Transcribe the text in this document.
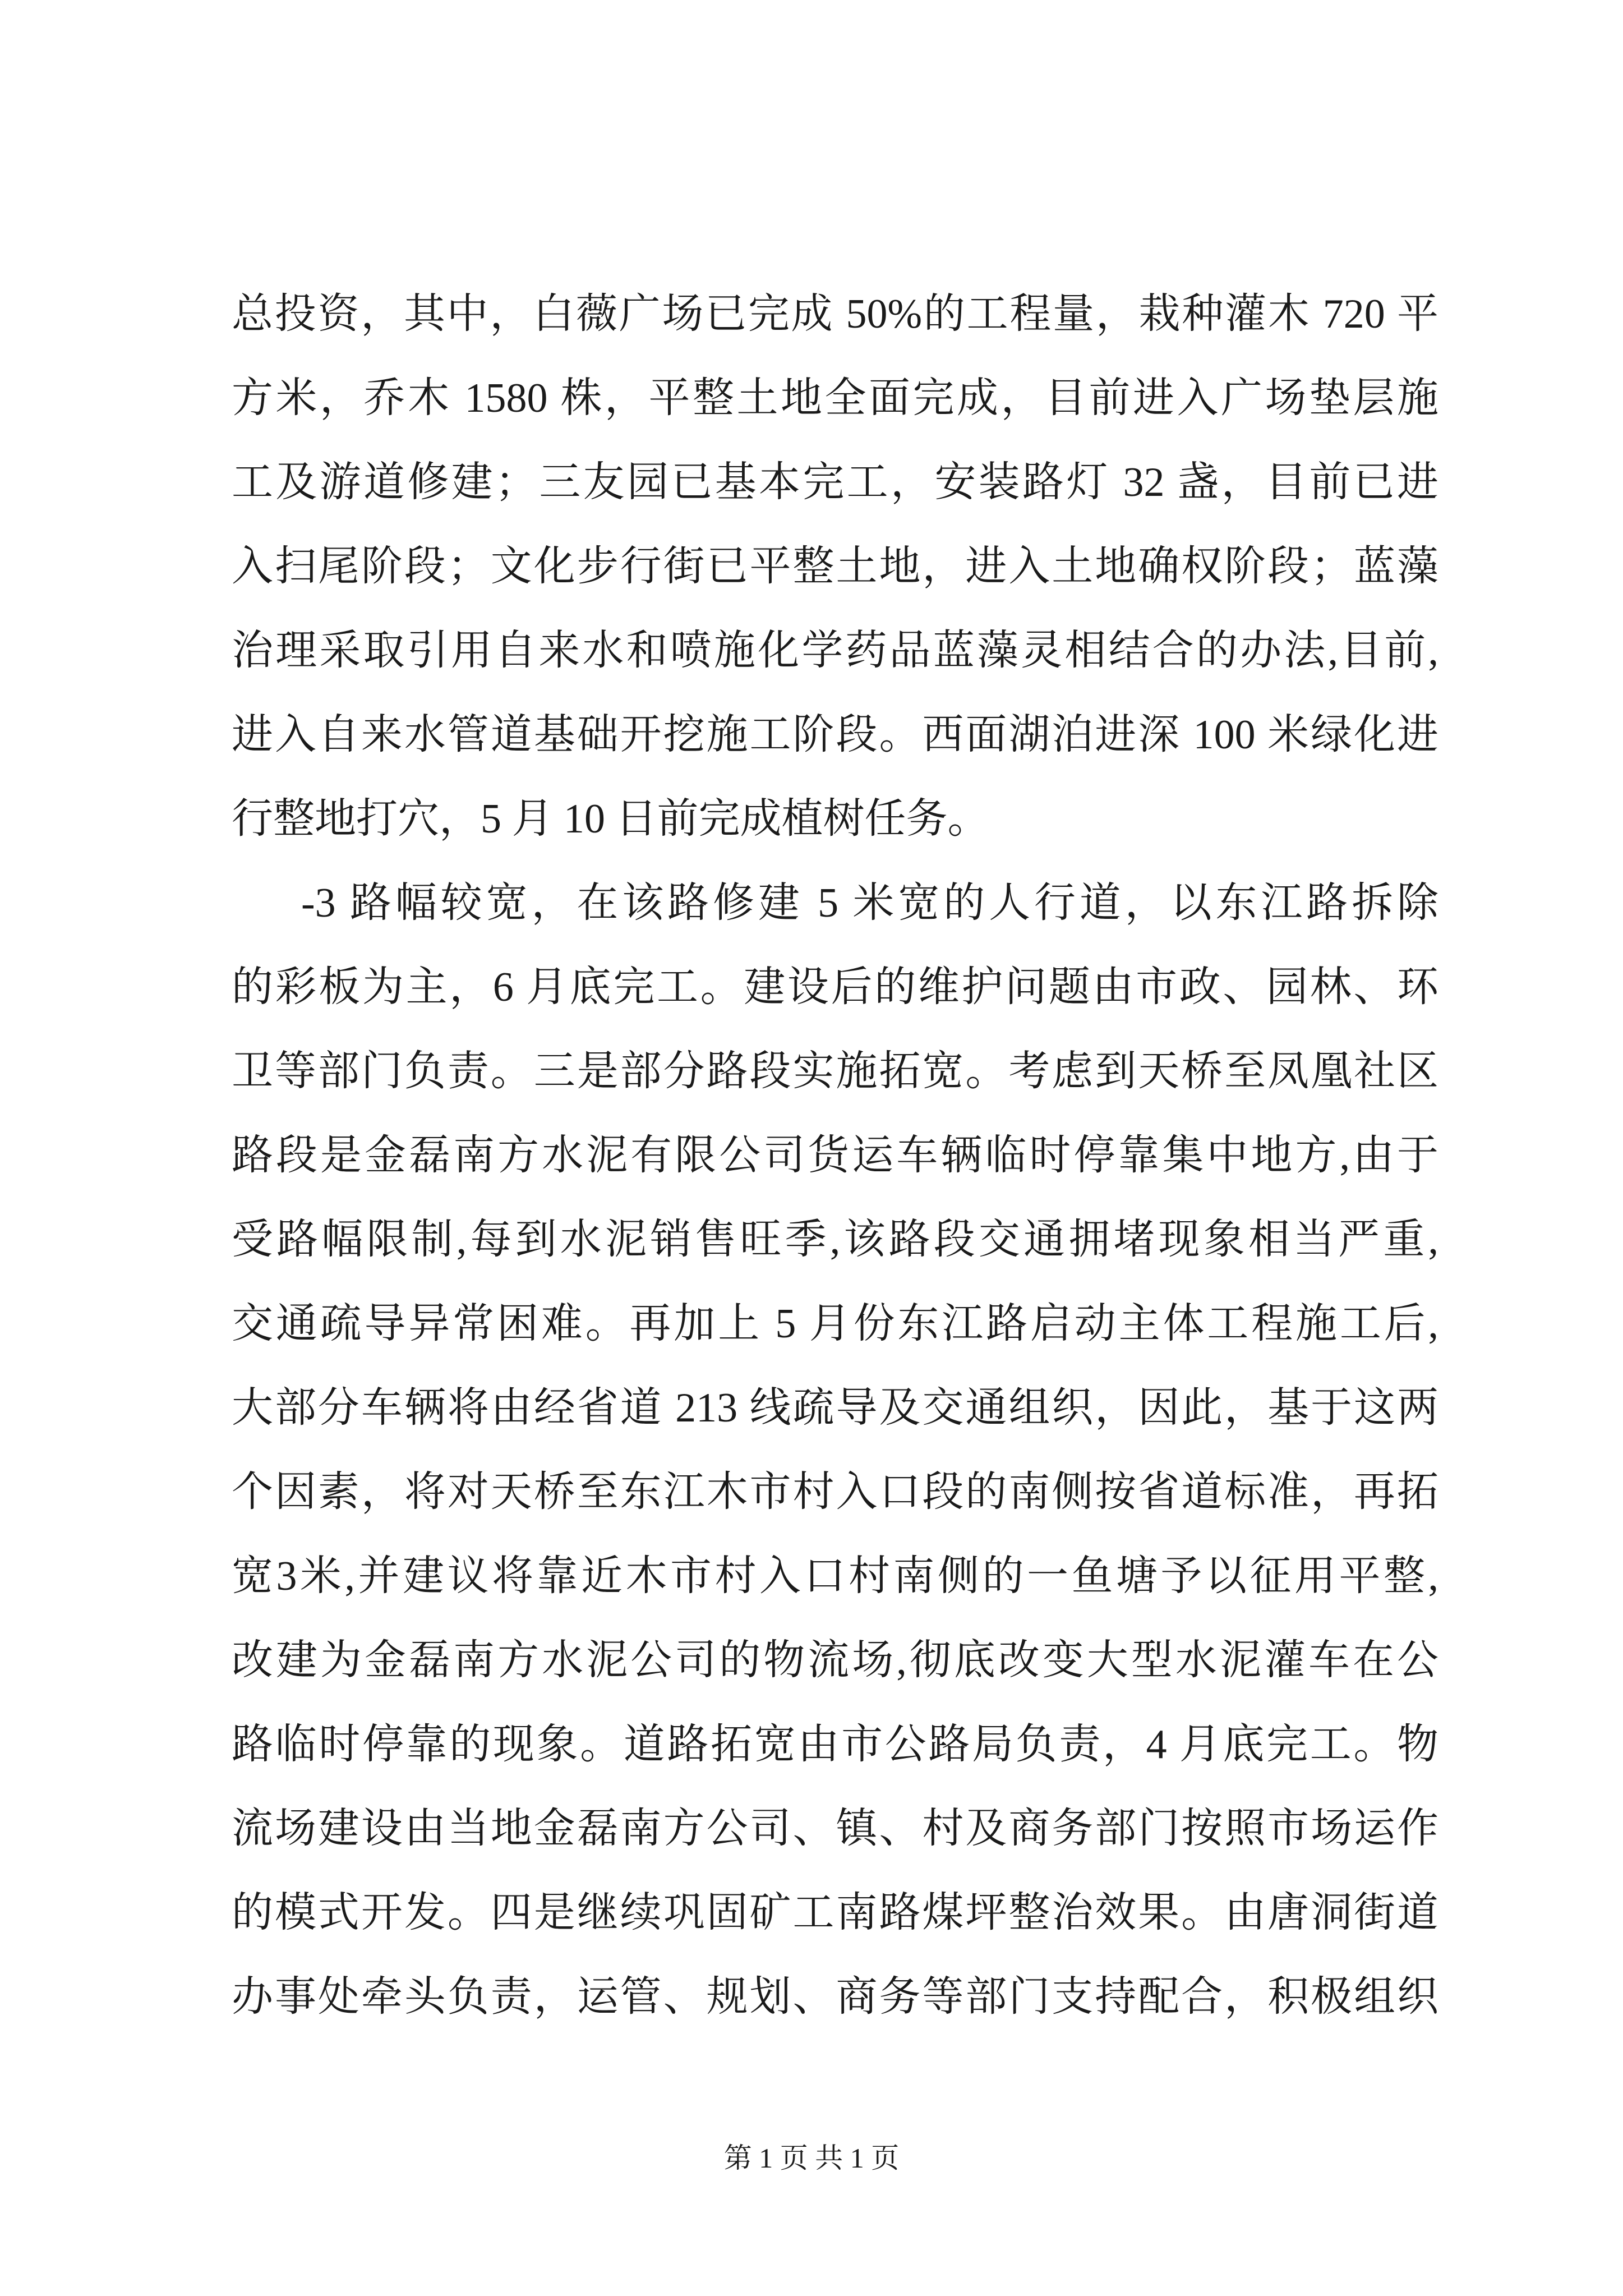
总投资，其中，白薇广场已完成 50%的工程量，栽种灌木 720 平
方米，乔木 1580 株，平整土地全面完成，目前进入广场垫层施
工及游道修建；三友园已基本完工，安装路灯 32 盏，目前已进
入扫尾阶段；文化步行街已平整土地，进入土地确权阶段；蓝藻
治理采取引用自来水和喷施化学药品蓝藻灵相结合的办法,目前,
进入自来水管道基础开挖施工阶段。西面湖泊进深 100 米绿化进
行整地打穴，5 月 10 日前完成植树任务。
-3 路幅较宽，在该路修建 5 米宽的人行道，以东江路拆除
的彩板为主，6 月底完工。建设后的维护问题由市政、园林、环
卫等部门负责。三是部分路段实施拓宽。考虑到天桥至凤凰社区
路段是金磊南方水泥有限公司货运车辆临时停靠集中地方,由于
受路幅限制,每到水泥销售旺季,该路段交通拥堵现象相当严重,
交通疏导异常困难。再加上 5 月份东江路启动主体工程施工后,
大部分车辆将由经省道 213 线疏导及交通组织，因此，基于这两
个因素，将对天桥至东江木市村入口段的南侧按省道标准，再拓
宽3米,并建议将靠近木市村入口村南侧的一鱼塘予以征用平整,
改建为金磊南方水泥公司的物流场,彻底改变大型水泥灌车在公
路临时停靠的现象。道路拓宽由市公路局负责，4 月底完工。物
流场建设由当地金磊南方公司、镇、村及商务部门按照市场运作
的模式开发。四是继续巩固矿工南路煤坪整治效果。由唐洞街道
办事处牵头负责，运管、规划、商务等部门支持配合，积极组织
第 1 页 共 1 页
